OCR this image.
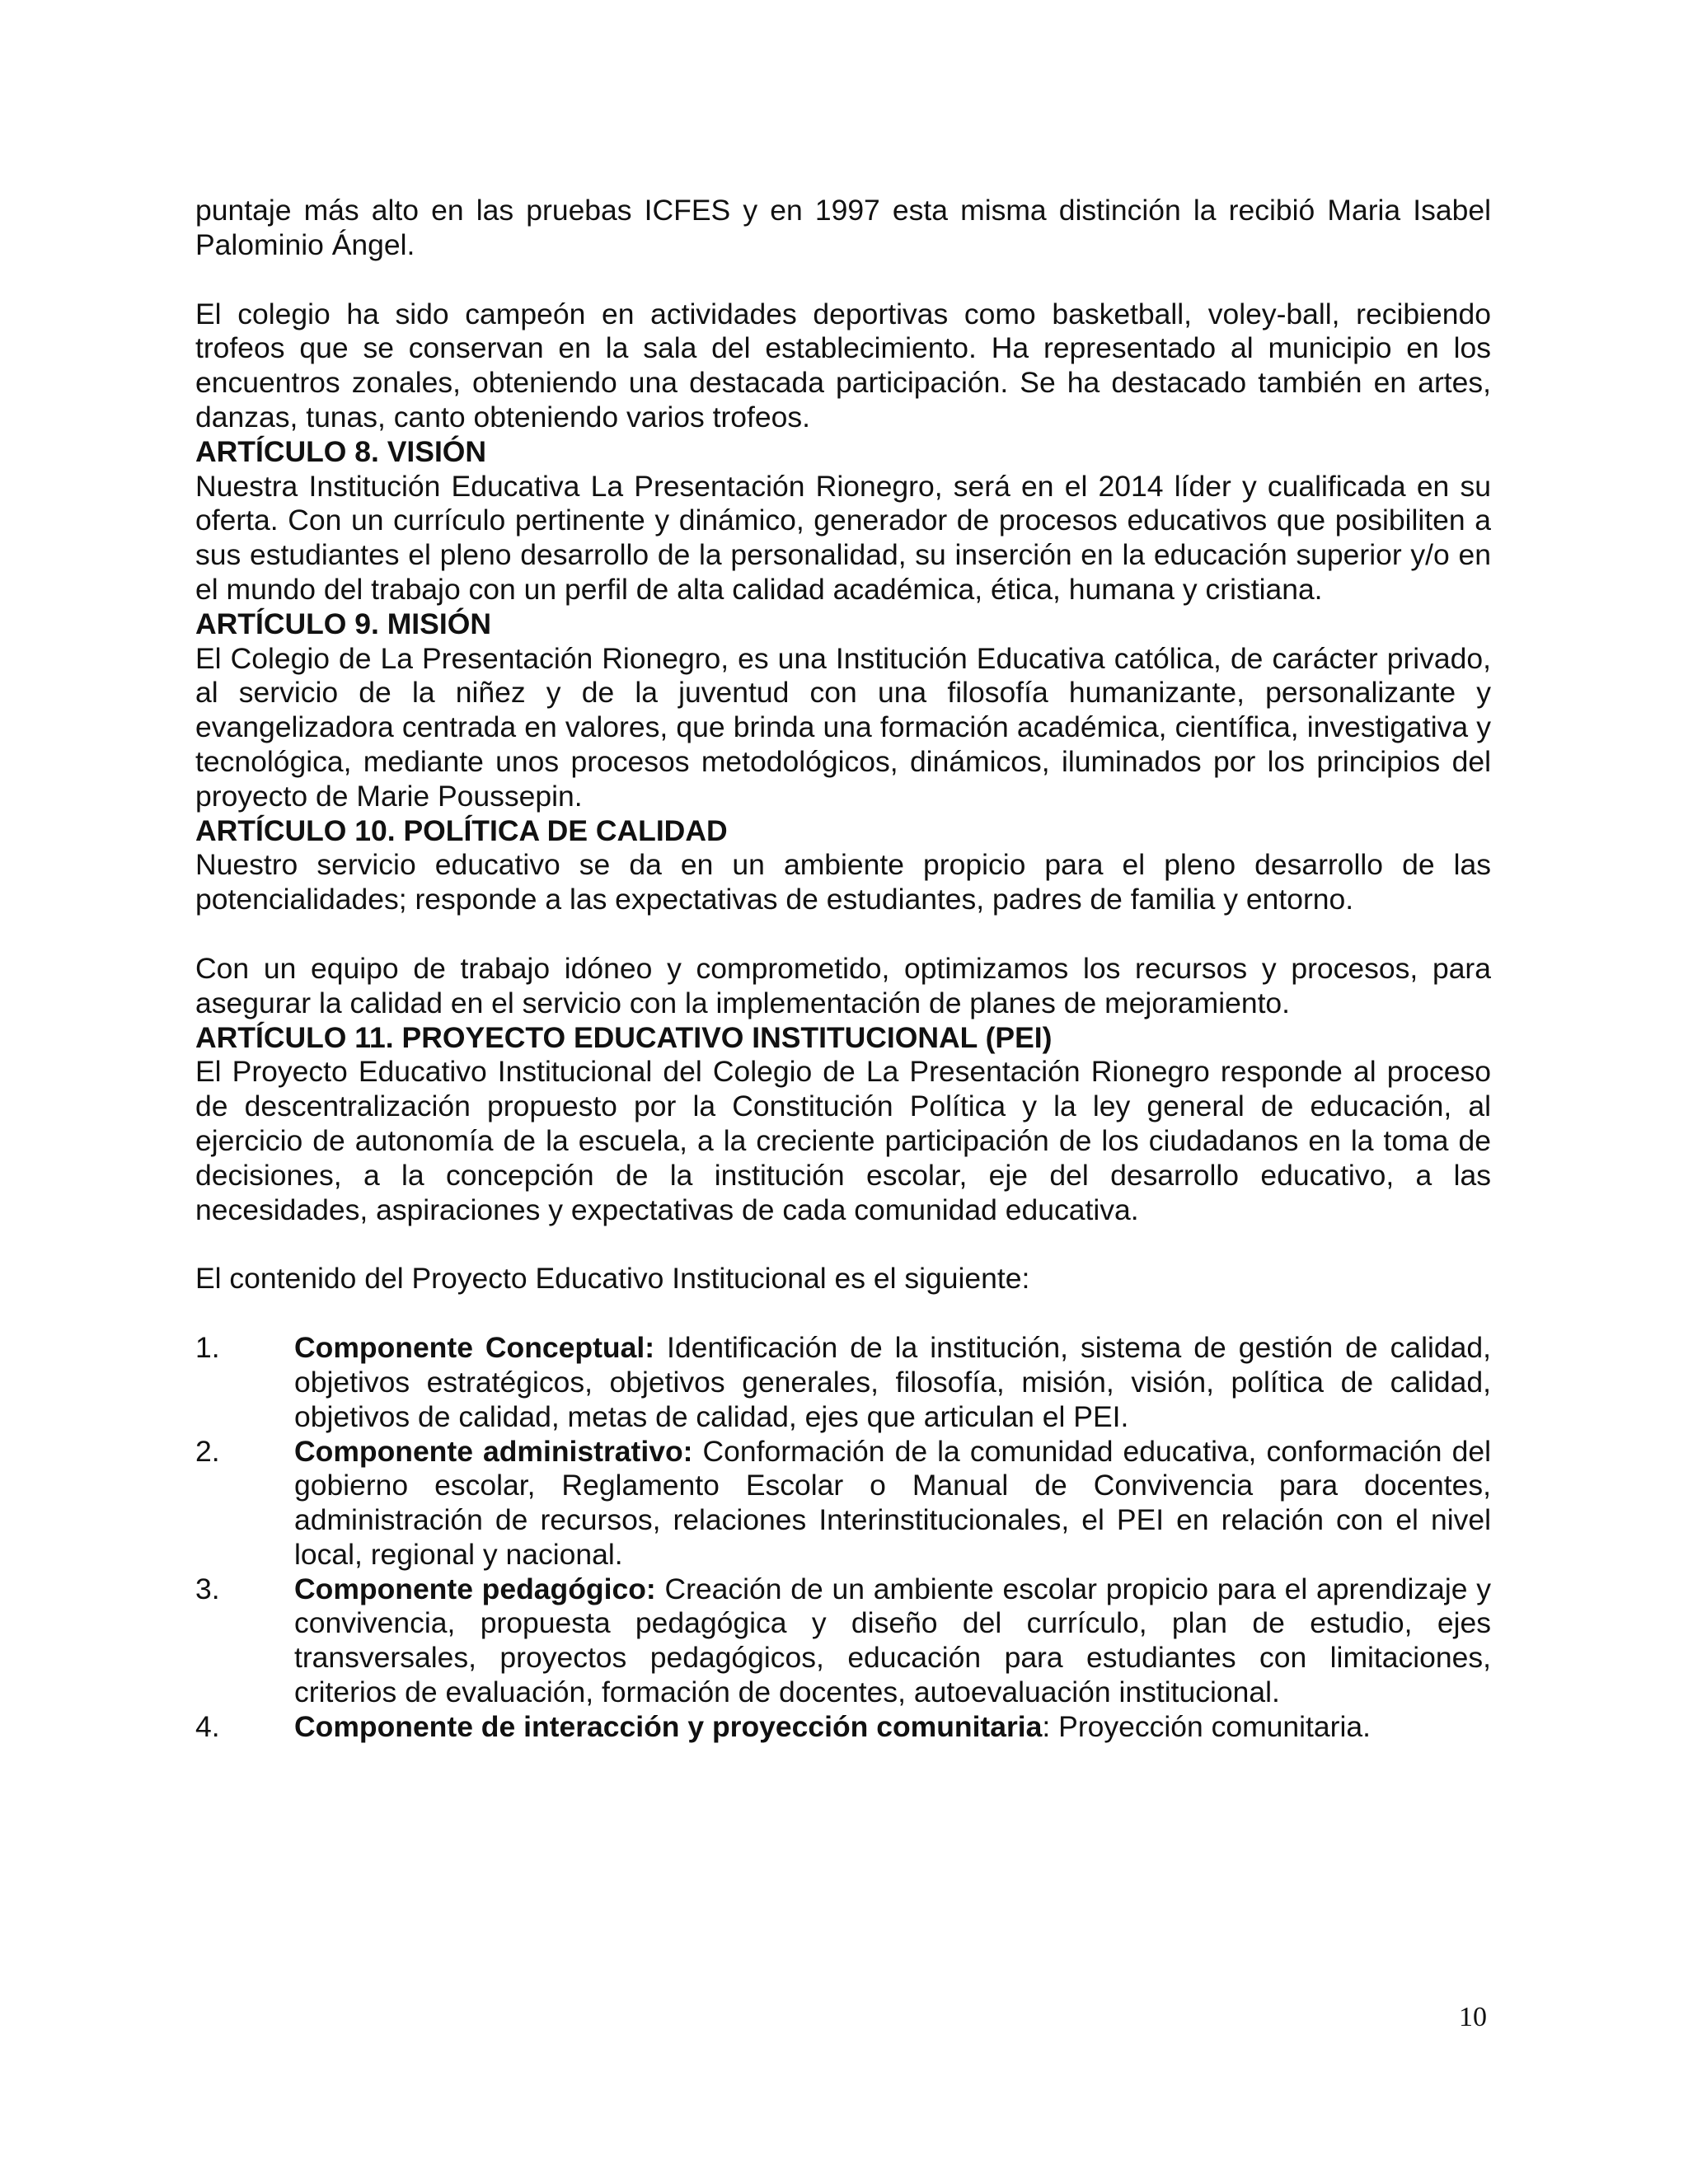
puntaje más alto en las pruebas ICFES y en 1997 esta misma distinción la recibió Maria Isabel Palominio Ángel.

El colegio ha sido campeón en actividades deportivas como basketball, voley-ball, recibiendo trofeos que se conservan en la sala del establecimiento. Ha representado al municipio en los encuentros zonales, obteniendo una destacada participación. Se ha destacado también en artes, danzas, tunas, canto obteniendo varios trofeos.

ARTÍCULO 8. VISIÓN

Nuestra Institución Educativa La Presentación Rionegro, será en el 2014 líder y cualificada en su oferta. Con un currículo pertinente y dinámico, generador de procesos educativos que posibiliten a sus estudiantes el pleno desarrollo de la personalidad, su inserción en la educación superior y/o en el mundo del trabajo con un perfil de alta calidad académica, ética, humana y cristiana.

ARTÍCULO 9. MISIÓN

El Colegio de La Presentación Rionegro, es una Institución Educativa católica, de carácter privado, al servicio de la niñez y de la juventud con una filosofía humanizante, personalizante y evangelizadora centrada en valores, que brinda una formación académica, científica, investigativa y tecnológica, mediante unos procesos metodológicos, dinámicos, iluminados por los principios del proyecto de Marie Poussepin.

ARTÍCULO 10. POLÍTICA DE CALIDAD

Nuestro servicio educativo se da en un ambiente propicio para el pleno desarrollo de las potencialidades; responde a las expectativas de estudiantes, padres de familia y entorno.

Con un equipo de trabajo idóneo y comprometido, optimizamos los recursos y procesos, para asegurar la calidad en el servicio con la implementación de planes de mejoramiento.

ARTÍCULO 11. PROYECTO EDUCATIVO INSTITUCIONAL (PEI)

El Proyecto Educativo Institucional del Colegio de La Presentación Rionegro responde al proceso de descentralización propuesto por la Constitución Política y la ley general de educación, al ejercicio de autonomía de la escuela, a la creciente participación de los ciudadanos en la toma de decisiones, a la concepción de la institución escolar, eje del desarrollo educativo, a las necesidades, aspiraciones y expectativas de cada comunidad educativa.

El contenido del Proyecto Educativo Institucional es el siguiente:

1.	Componente Conceptual: Identificación de la institución, sistema de gestión de calidad, objetivos estratégicos, objetivos generales, filosofía, misión, visión, política de calidad, objetivos de calidad, metas de calidad, ejes que articulan el PEI.
2.	Componente administrativo: Conformación de la comunidad educativa, conformación del gobierno escolar, Reglamento Escolar o Manual de Convivencia para docentes, administración de recursos, relaciones Interinstitucionales, el PEI en relación con el nivel local, regional y nacional.
3.	Componente pedagógico: Creación de un ambiente escolar propicio para el aprendizaje y convivencia, propuesta pedagógica y diseño del currículo, plan de estudio, ejes transversales, proyectos pedagógicos, educación para estudiantes con limitaciones, criterios de evaluación, formación de docentes, autoevaluación institucional.
4.	Componente de interacción y proyección comunitaria: Proyección comunitaria.
10
